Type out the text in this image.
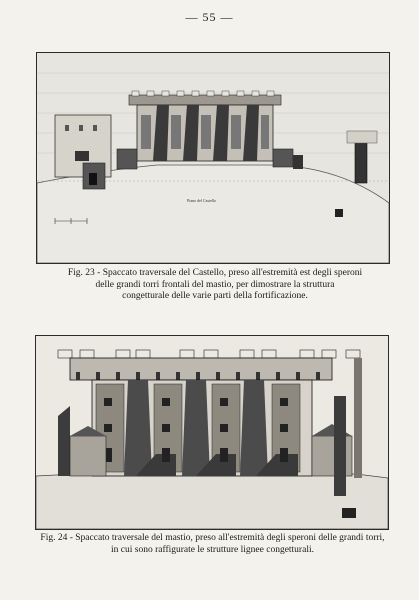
— 55 —
Piano del Castello
Fig. 23 - Spaccato traversale del Castello, preso all'estremità est degli speroni
delle grandi torri frontali del mastio, per dimostrare la struttura
congetturale delle varie parti della fortificazione.
Fig. 24 - Spaccato traversale del mastio, preso all'estremità degli speroni delle grandi torri,
in cui sono raffigurate le strutture lignee congetturali.
